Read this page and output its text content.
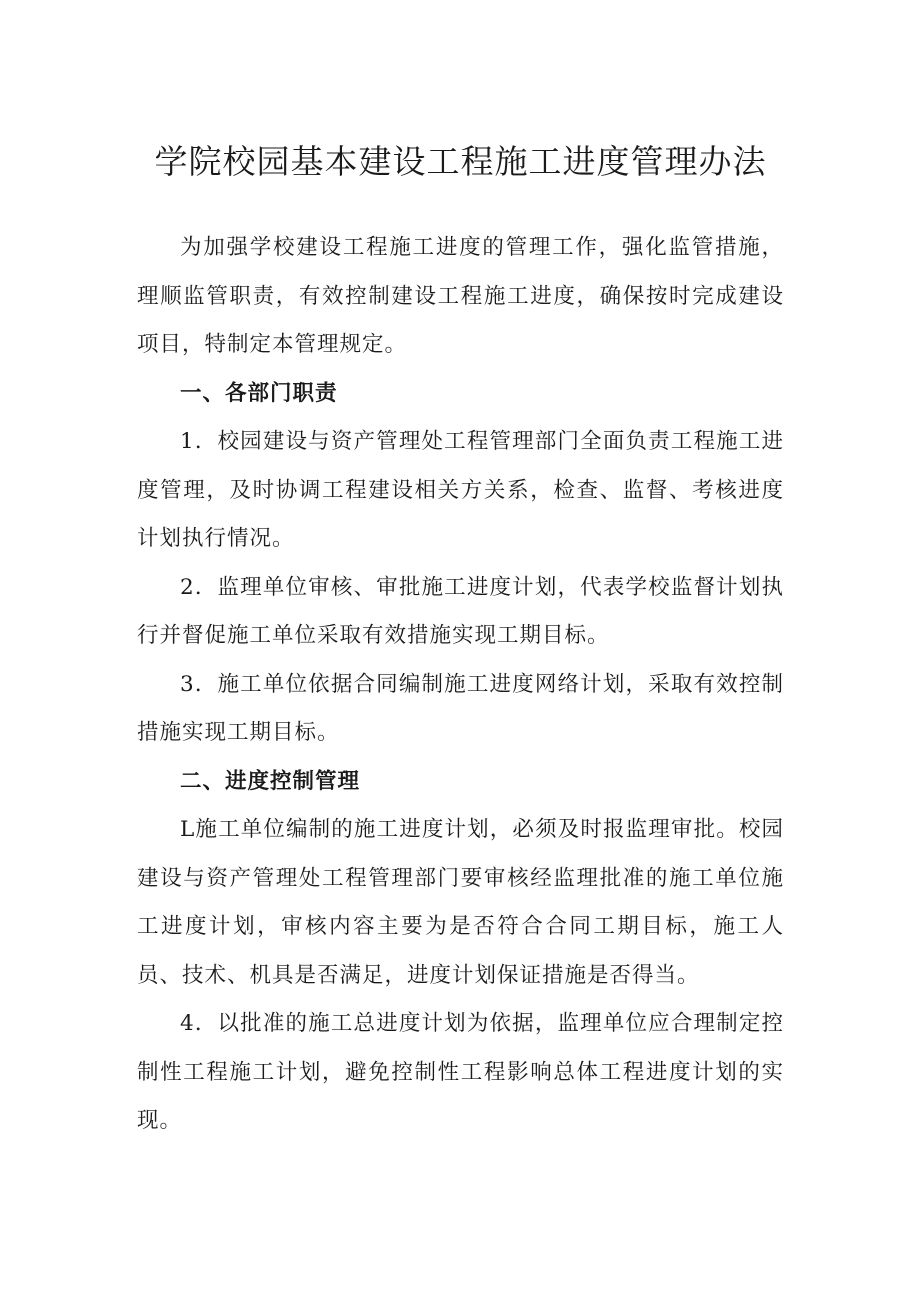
学院校园基本建设工程施工进度管理办法

为加强学校建设工程施工进度的管理工作，强化监管措施，理顺监管职责，有效控制建设工程施工进度，确保按时完成建设项目，特制定本管理规定。

一、各部门职责

1．校园建设与资产管理处工程管理部门全面负责工程施工进度管理，及时协调工程建设相关方关系，检查、监督、考核进度计划执行情况。

2．监理单位审核、审批施工进度计划，代表学校监督计划执行并督促施工单位采取有效措施实现工期目标。

3．施工单位依据合同编制施工进度网络计划，采取有效控制措施实现工期目标。

二、进度控制管理

L施工单位编制的施工进度计划，必须及时报监理审批。校园建设与资产管理处工程管理部门要审核经监理批准的施工单位施工进度计划，审核内容主要为是否符合合同工期目标，施工人员、技术、机具是否满足，进度计划保证措施是否得当。

4．以批准的施工总进度计划为依据，监理单位应合理制定控制性工程施工计划，避免控制性工程影响总体工程进度计划的实现。
